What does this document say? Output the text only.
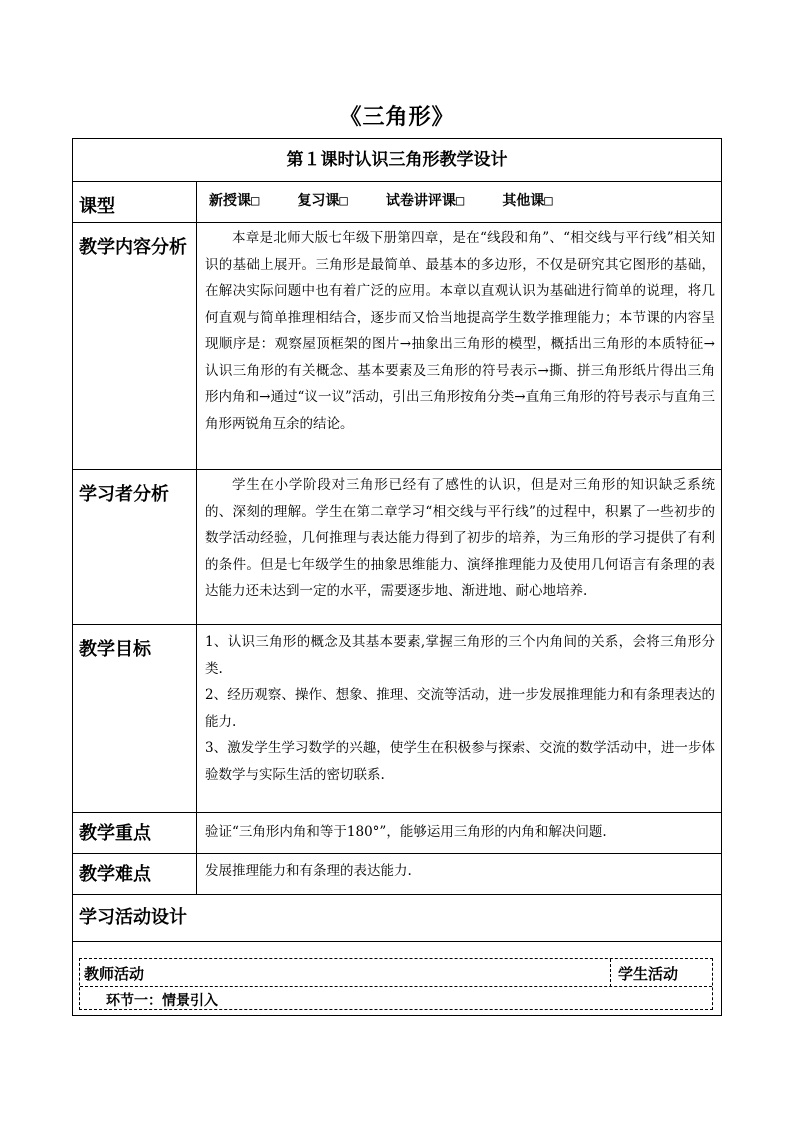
《三角形》
第１课时认识三角形教学设计	
课型	新授课□ 复习课□ 试卷讲评课□ 其他课□

教学内容分析	本章是北师大版七年级下册第四章，是在“线段和角”、“相交线与平行线”相关知识的基础上展开。三角形是最简单、最基本的多边形，不仅是研究其它图形的基础，在解决实际问题中也有着广泛的应用。本章以直观认识为基础进行简单的说理，将几何直观与简单推理相结合，逐步而又恰当地提高学生数学推理能力；本节课的内容呈现顺序是：观察屋顶框架的图片→抽象出三角形的模型，概括出三角形的本质特征→ 认识三角形的有关概念、基本要素及三角形的符号表示→撕、拼三角形纸片得出三角形内角和→通过“议一议”活动，引出三角形按角分类→直角三角形的符号表示与直角三角形两锐角互余的结论。

学习者分析	学生在小学阶段对三角形已经有了感性的认识，但是对三角形的知识缺乏系统的、深刻的理解。学生在第二章学习“相交线与平行线”的过程中，积累了一些初步的数学活动经验，几何推理与表达能力得到了初步的培养，为三角形的学习提供了有利的条件。但是七年级学生的抽象思维能力、演绎推理能力及使用几何语言有条理的表达能力还未达到一定的水平，需要逐步地、渐进地、耐心地培养.

教学目标	1、认识三角形的概念及其基本要素,掌握三角形的三个内角间的关系，会将三角形分类.
2、经历观察、操作、想象、推理、交流等活动，进一步发展推理能力和有条理表达的能力.
3、激发学生学习数学的兴趣，使学生在积极参与探索、交流的数学活动中，进一步体验数学与实际生活的密切联系.

教学重点	验证“三角形内角和等于180°”，能够运用三角形的内角和解决问题.
教学难点	发展推理能力和有条理的表达能力.
学习活动设计	

教师活动 学生活动
环节一：情景引入	
